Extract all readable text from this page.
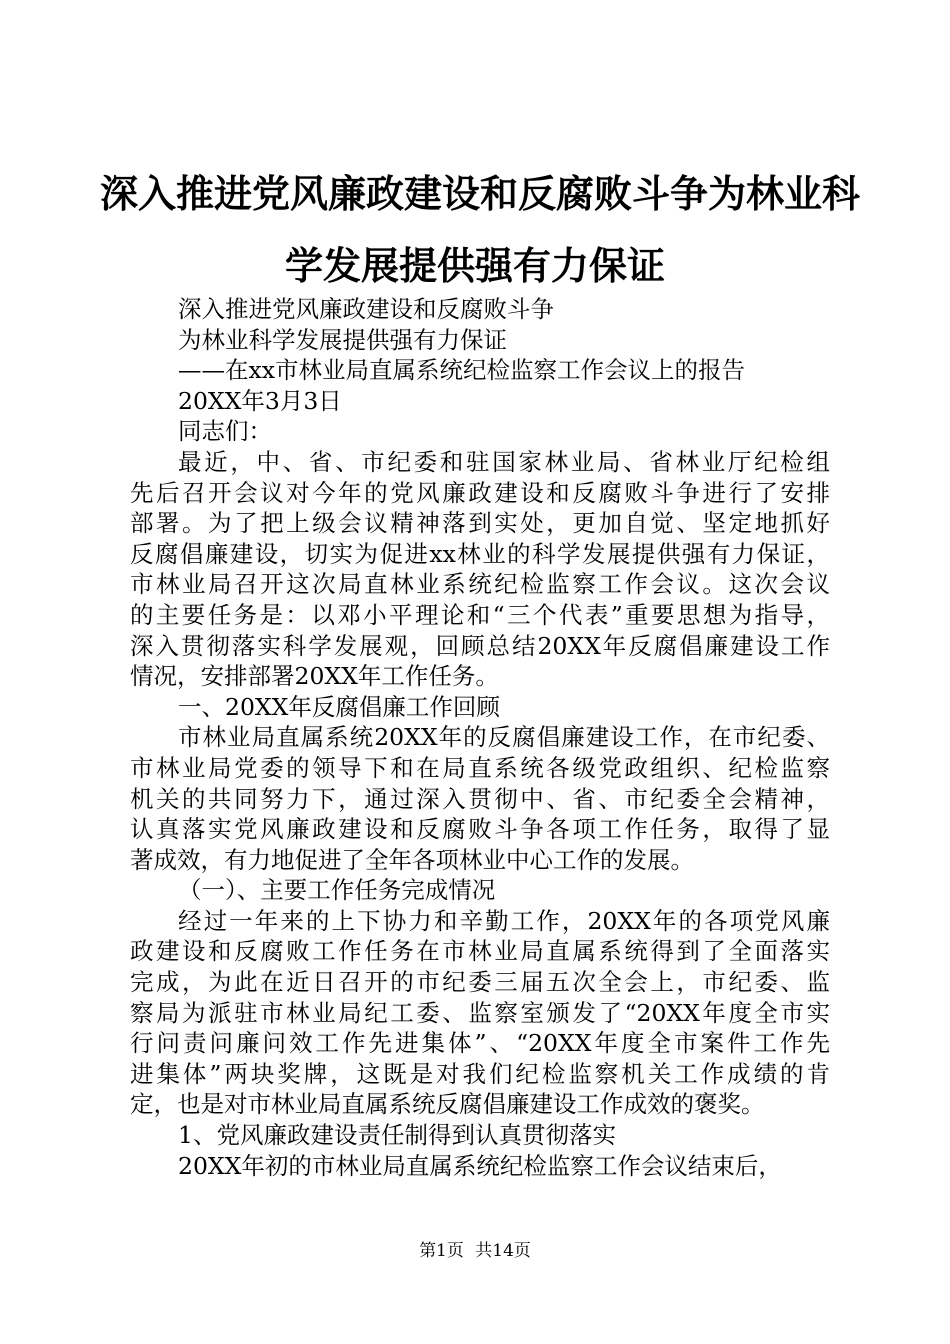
深入推进党风廉政建设和反腐败斗争为林业科
学发展提供强有力保证
深入推进党风廉政建设和反腐败斗争
为林业科学发展提供强有力保证
——在xx市林业局直属系统纪检监察工作会议上的报告
20XX年3月3日
同志们：
最近，中、省、市纪委和驻国家林业局、省林业厅纪检组
先后召开会议对今年的党风廉政建设和反腐败斗争进行了安排
部署。为了把上级会议精神落到实处，更加自觉、坚定地抓好
反腐倡廉建设，切实为促进xx林业的科学发展提供强有力保证，
市林业局召开这次局直林业系统纪检监察工作会议。这次会议
的主要任务是：以邓小平理论和“三个代表”重要思想为指导，
深入贯彻落实科学发展观，回顾总结20XX年反腐倡廉建设工作
情况，安排部署20XX年工作任务。
一、20XX年反腐倡廉工作回顾
市林业局直属系统20XX年的反腐倡廉建设工作，在市纪委、
市林业局党委的领导下和在局直系统各级党政组织、纪检监察
机关的共同努力下，通过深入贯彻中、省、市纪委全会精神，
认真落实党风廉政建设和反腐败斗争各项工作任务，取得了显
著成效，有力地促进了全年各项林业中心工作的发展。
（一）、主要工作任务完成情况
经过一年来的上下协力和辛勤工作，20XX年的各项党风廉
政建设和反腐败工作任务在市林业局直属系统得到了全面落实
完成，为此在近日召开的市纪委三届五次全会上，市纪委、监
察局为派驻市林业局纪工委、监察室颁发了“20XX年度全市实
行问责问廉问效工作先进集体”、“20XX年度全市案件工作先
进集体”两块奖牌，这既是对我们纪检监察机关工作成绩的肯
定，也是对市林业局直属系统反腐倡廉建设工作成效的褒奖。
1、党风廉政建设责任制得到认真贯彻落实
20XX年初的市林业局直属系统纪检监察工作会议结束后，
第1页 共14页
